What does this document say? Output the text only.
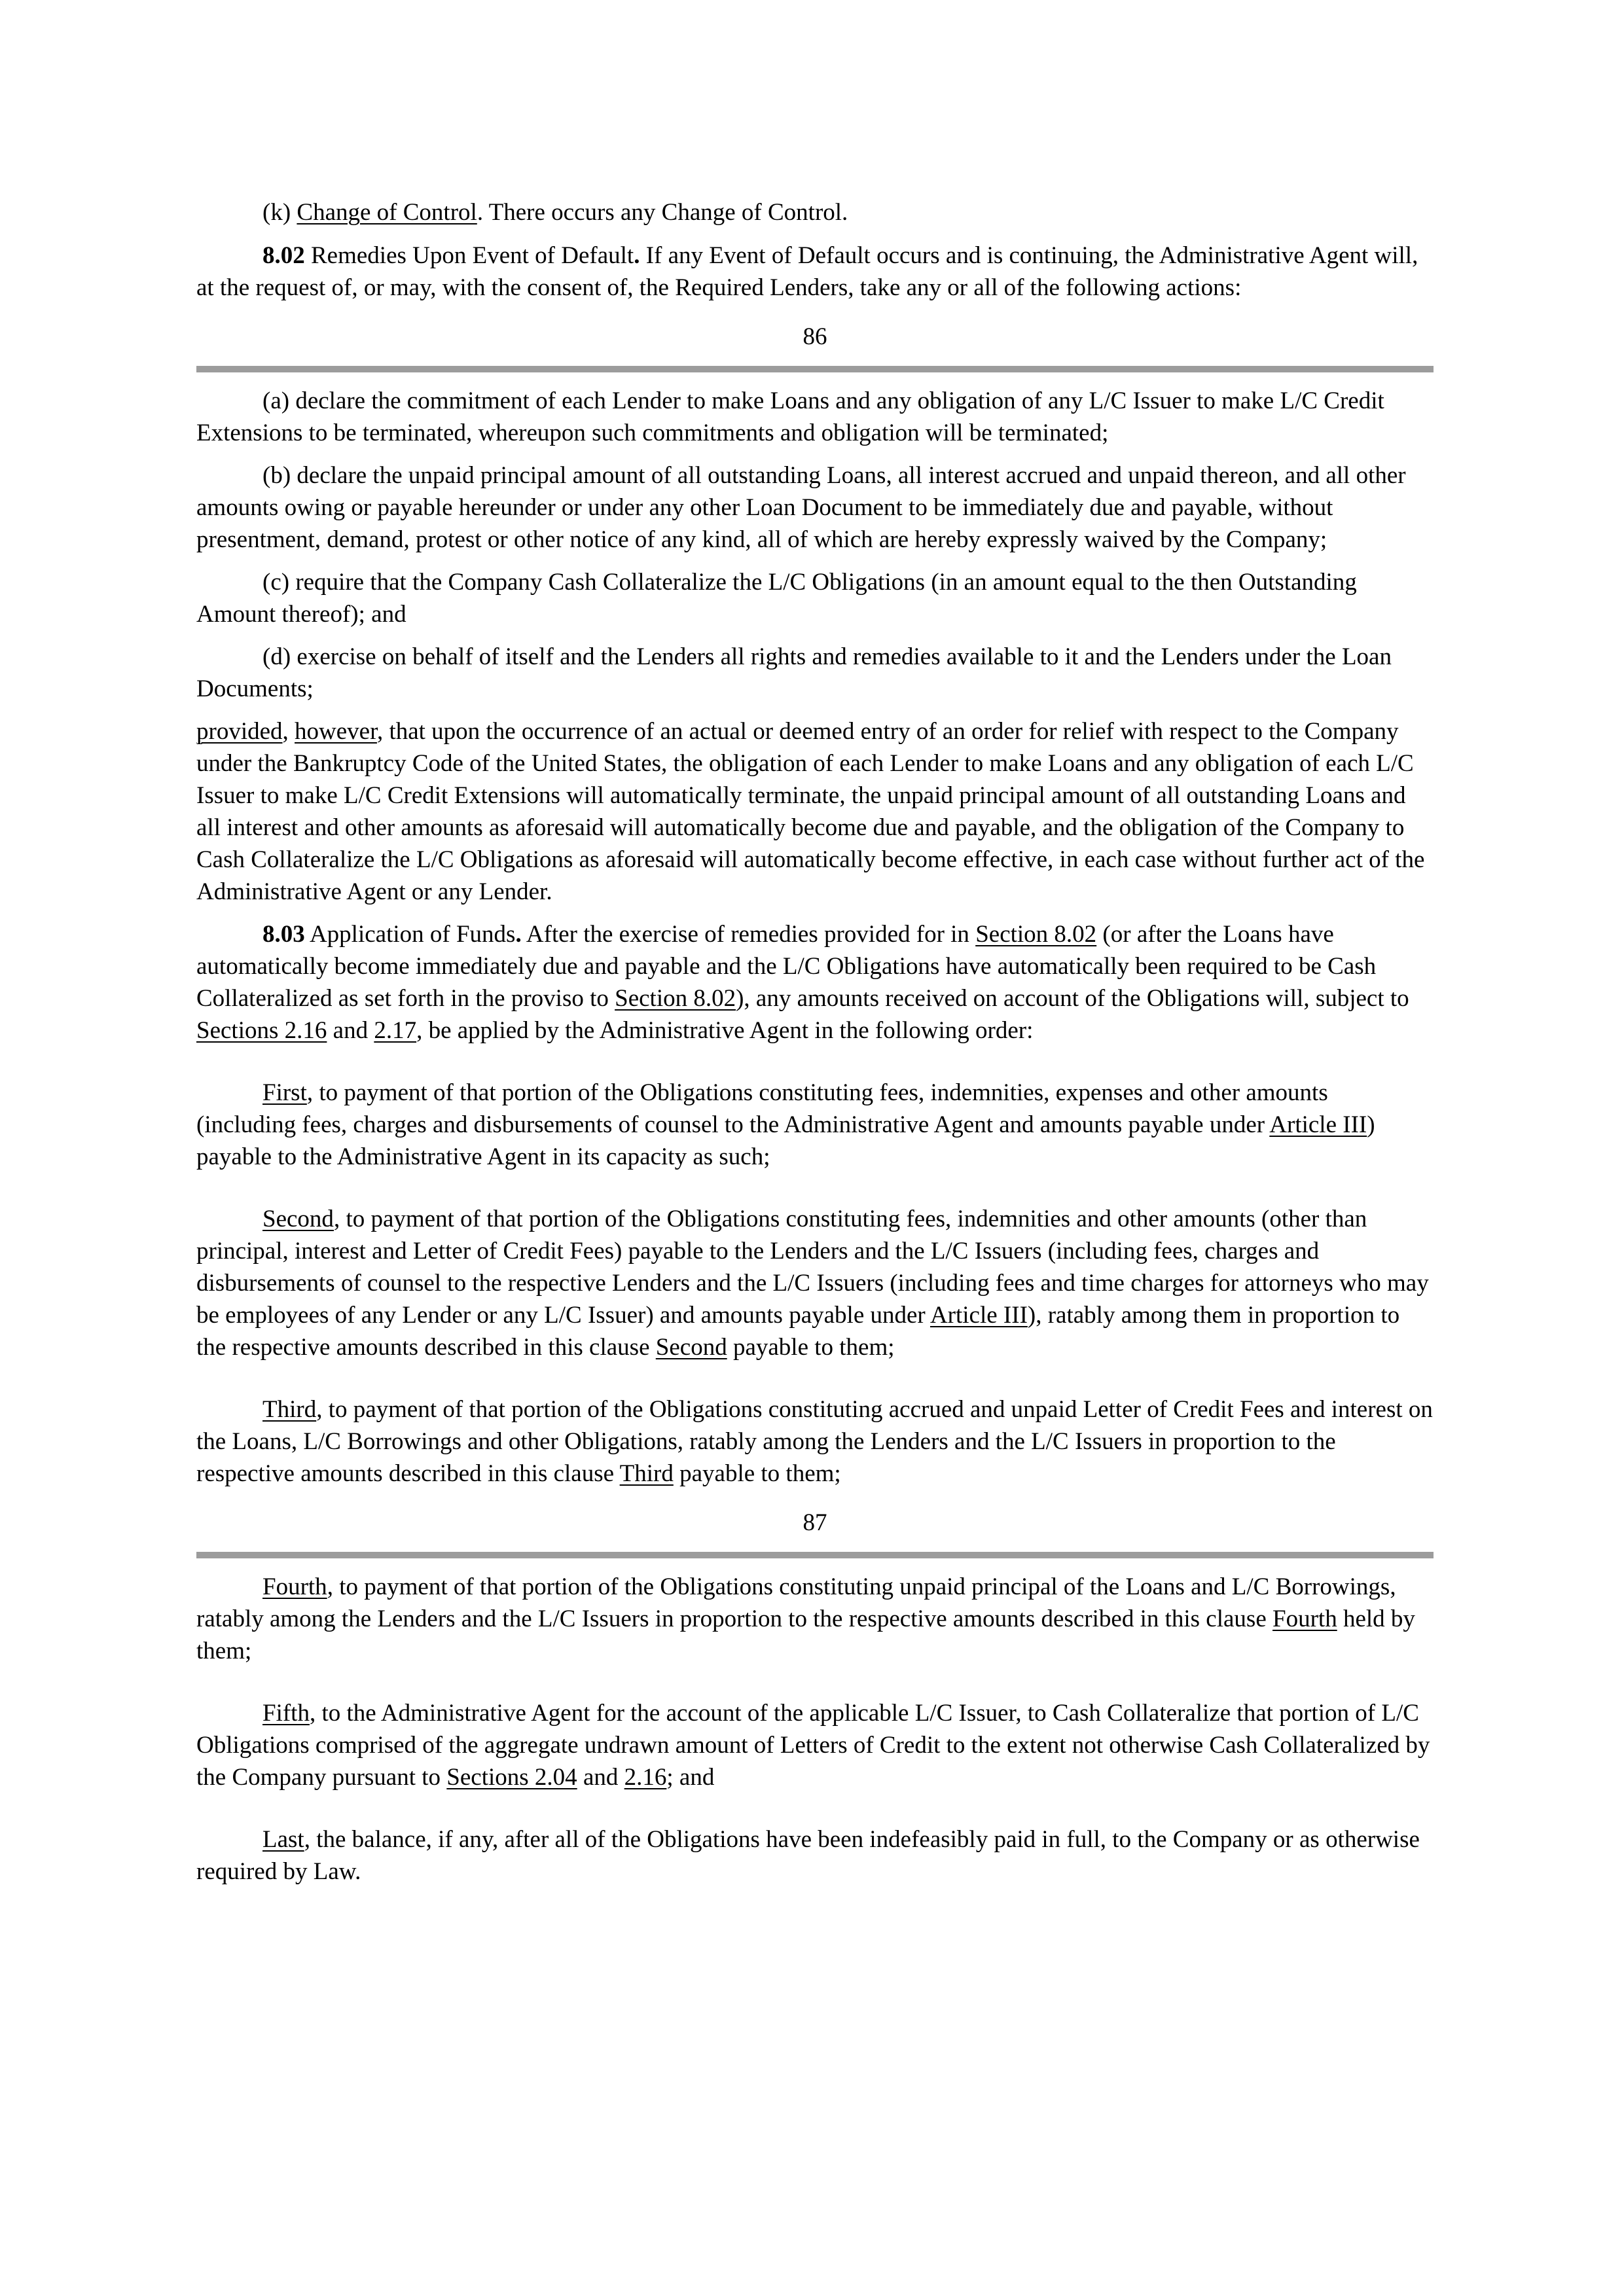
(k) Change of Control. There occurs any Change of Control.

8.02 Remedies Upon Event of Default. If any Event of Default occurs and is continuing, the Administrative Agent will, at the request of, or may, with the consent of, the Required Lenders, take any or all of the following actions:

86

(a) declare the commitment of each Lender to make Loans and any obligation of any L/C Issuer to make L/C Credit Extensions to be terminated, whereupon such commitments and obligation will be terminated;

(b) declare the unpaid principal amount of all outstanding Loans, all interest accrued and unpaid thereon, and all other amounts owing or payable hereunder or under any other Loan Document to be immediately due and payable, without presentment, demand, protest or other notice of any kind, all of which are hereby expressly waived by the Company;

(c) require that the Company Cash Collateralize the L/C Obligations (in an amount equal to the then Outstanding Amount thereof); and

(d) exercise on behalf of itself and the Lenders all rights and remedies available to it and the Lenders under the Loan Documents;

provided, however, that upon the occurrence of an actual or deemed entry of an order for relief with respect to the Company under the Bankruptcy Code of the United States, the obligation of each Lender to make Loans and any obligation of each L/C Issuer to make L/C Credit Extensions will automatically terminate, the unpaid principal amount of all outstanding Loans and all interest and other amounts as aforesaid will automatically become due and payable, and the obligation of the Company to Cash Collateralize the L/C Obligations as aforesaid will automatically become effective, in each case without further act of the Administrative Agent or any Lender.

8.03 Application of Funds. After the exercise of remedies provided for in Section 8.02 (or after the Loans have automatically become immediately due and payable and the L/C Obligations have automatically been required to be Cash Collateralized as set forth in the proviso to Section 8.02), any amounts received on account of the Obligations will, subject to Sections 2.16 and 2.17, be applied by the Administrative Agent in the following order:

First, to payment of that portion of the Obligations constituting fees, indemnities, expenses and other amounts (including fees, charges and disbursements of counsel to the Administrative Agent and amounts payable under Article III) payable to the Administrative Agent in its capacity as such;

Second, to payment of that portion of the Obligations constituting fees, indemnities and other amounts (other than principal, interest and Letter of Credit Fees) payable to the Lenders and the L/C Issuers (including fees, charges and disbursements of counsel to the respective Lenders and the L/C Issuers (including fees and time charges for attorneys who may be employees of any Lender or any L/C Issuer) and amounts payable under Article III), ratably among them in proportion to the respective amounts described in this clause Second payable to them;

Third, to payment of that portion of the Obligations constituting accrued and unpaid Letter of Credit Fees and interest on the Loans, L/C Borrowings and other Obligations, ratably among the Lenders and the L/C Issuers in proportion to the respective amounts described in this clause Third payable to them;

87

Fourth, to payment of that portion of the Obligations constituting unpaid principal of the Loans and L/C Borrowings, ratably among the Lenders and the L/C Issuers in proportion to the respective amounts described in this clause Fourth held by them;

Fifth, to the Administrative Agent for the account of the applicable L/C Issuer, to Cash Collateralize that portion of L/C Obligations comprised of the aggregate undrawn amount of Letters of Credit to the extent not otherwise Cash Collateralized by the Company pursuant to Sections 2.04 and 2.16; and

Last, the balance, if any, after all of the Obligations have been indefeasibly paid in full, to the Company or as otherwise required by Law.
